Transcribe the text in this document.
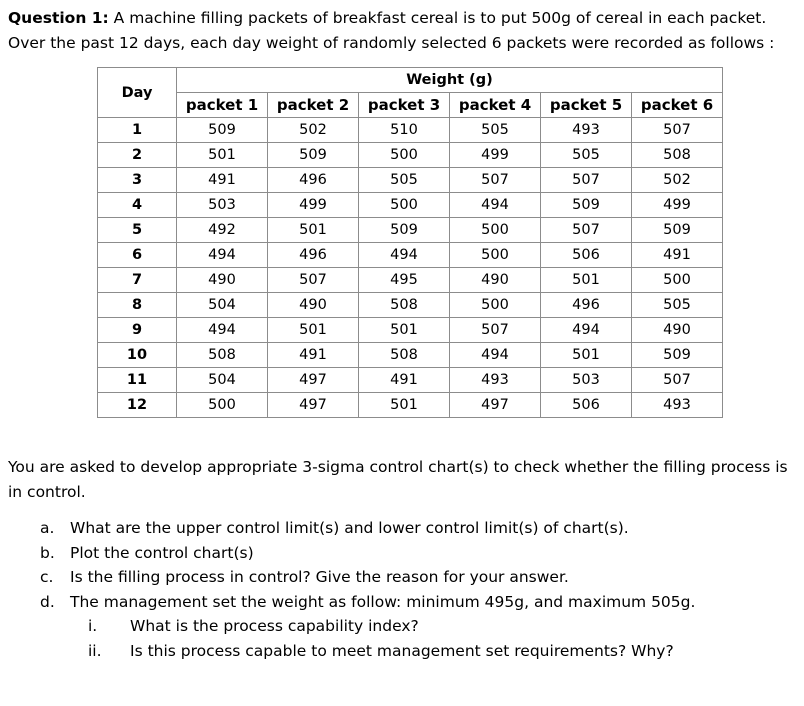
Question 1: A machine filling packets of breakfast cereal is to put 500g of cereal in each packet. Over the past 12 days, each day weight of randomly selected 6 packets were recorded as follows :
Day	Weight (g)					
	packet 1	packet 2	packet 3	packet 4	packet 5	packet 6
1	509	502	510	505	493	507
2	501	509	500	499	505	508
3	491	496	505	507	507	502
4	503	499	500	494	509	499
5	492	501	509	500	507	509
6	494	496	494	500	506	491
7	490	507	495	490	501	500
8	504	490	508	500	496	505
9	494	501	501	507	494	490
10	508	491	508	494	501	509
11	504	497	491	493	503	507
12	500	497	501	497	506	493
You are asked to develop appropriate 3-sigma control chart(s) to check whether the filling process is in control.
a.	What are the upper control limit(s) and lower control limit(s) of chart(s).
b. Plot the control chart(s)
c.	Is the filling process in control? Give the reason for your answer.
d. The management set the weight as follow: minimum 495g, and maximum 505g.
i.	What is the process capability index?
ii.	Is this process capable to meet management set requirements? Why?
